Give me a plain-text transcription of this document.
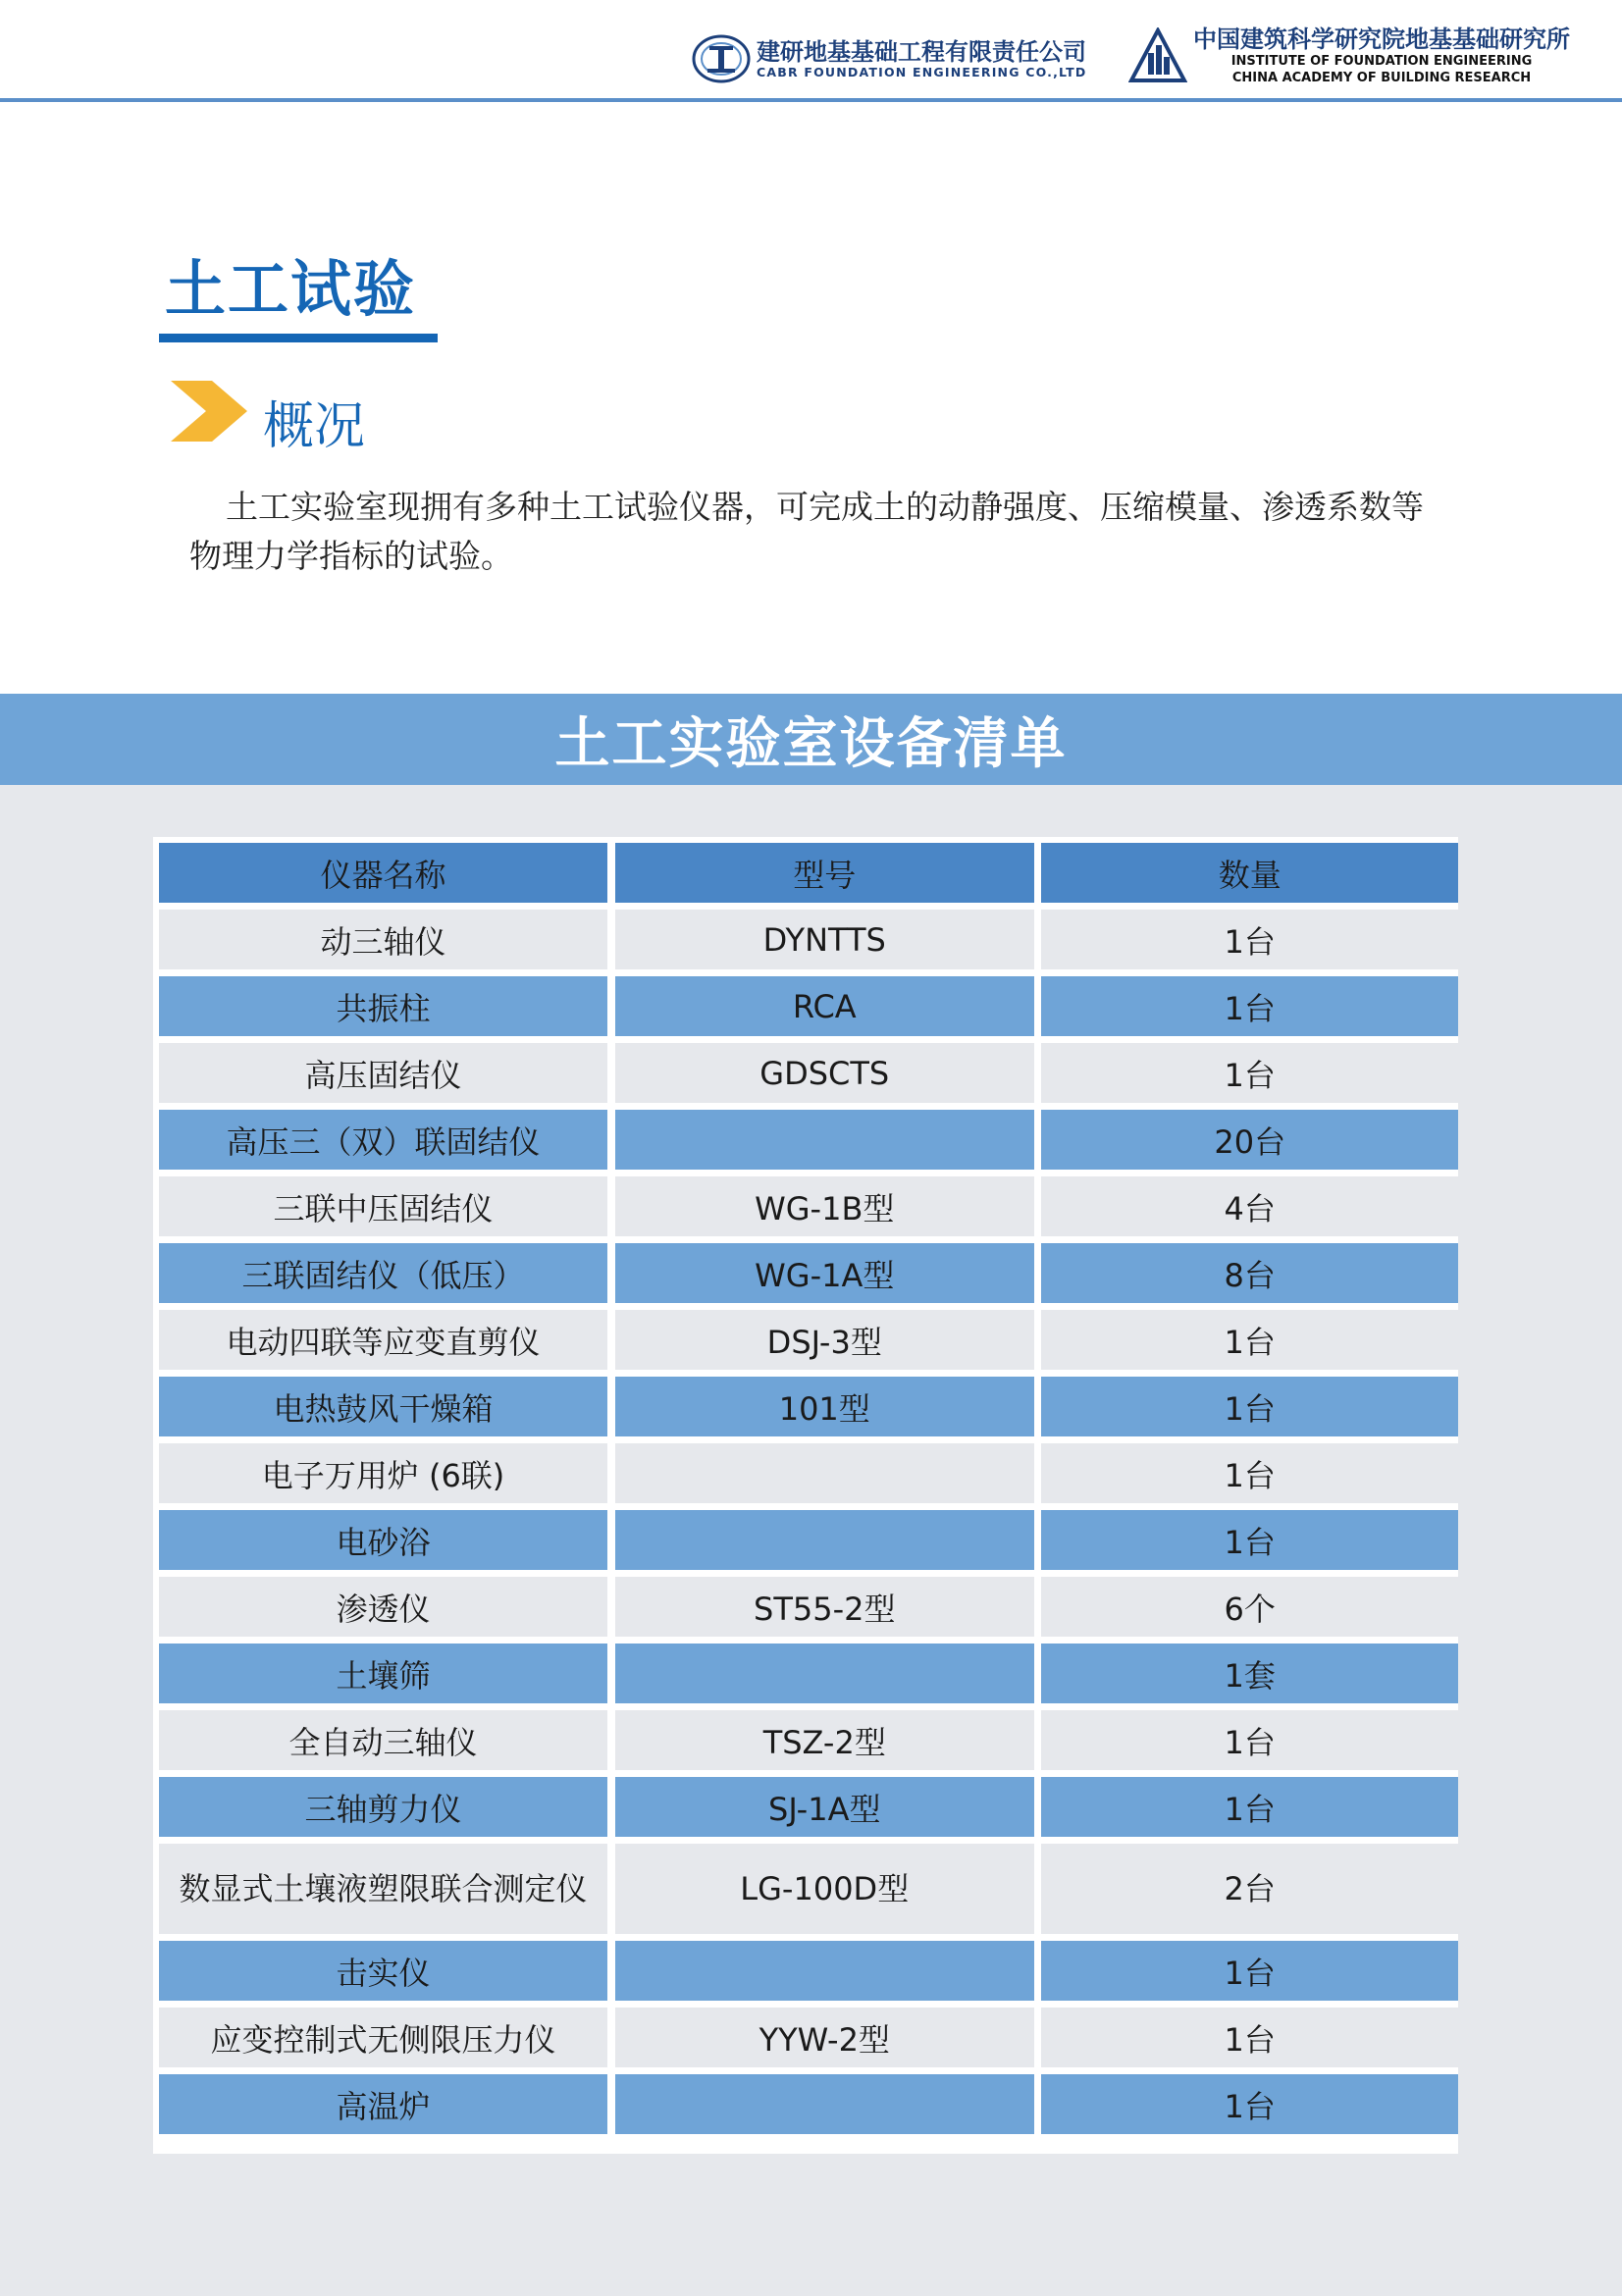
建研地基基础工程有限责任公司
CABR FOUNDATION ENGINEERING CO.,LTD
中国建筑科学研究院地基基础研究所
INSTITUTE OF FOUNDATION ENGINEERING
CHINA ACADEMY OF BUILDING RESEARCH
土工试验
概况
土工实验室现拥有多种土工试验仪器，可完成土的动静强度、压缩模量、渗透系数等物理力学指标的试验。
土工实验室设备清单
仪器名称		型号		数量
动三轴仪		DYNTTS		1台
共振柱		RCA		1台
高压固结仪		GDSCTS		1台
高压三（双）联固结仪				20台
三联中压固结仪		WG-1B型		4台
三联固结仪（低压）		WG-1A型		8台
电动四联等应变直剪仪		DSJ-3型		1台
电热鼓风干燥箱		101型		1台
电子万用炉 (6联)				1台
电砂浴				1台
渗透仪		ST55-2型		6个
土壤筛				1套
全自动三轴仪		TSZ-2型		1台
三轴剪力仪		SJ-1A型		1台
数显式土壤液塑限联合测定仪		LG-100D型		2台
击实仪				1台
应变控制式无侧限压力仪		YYW-2型		1台
高温炉				1台
